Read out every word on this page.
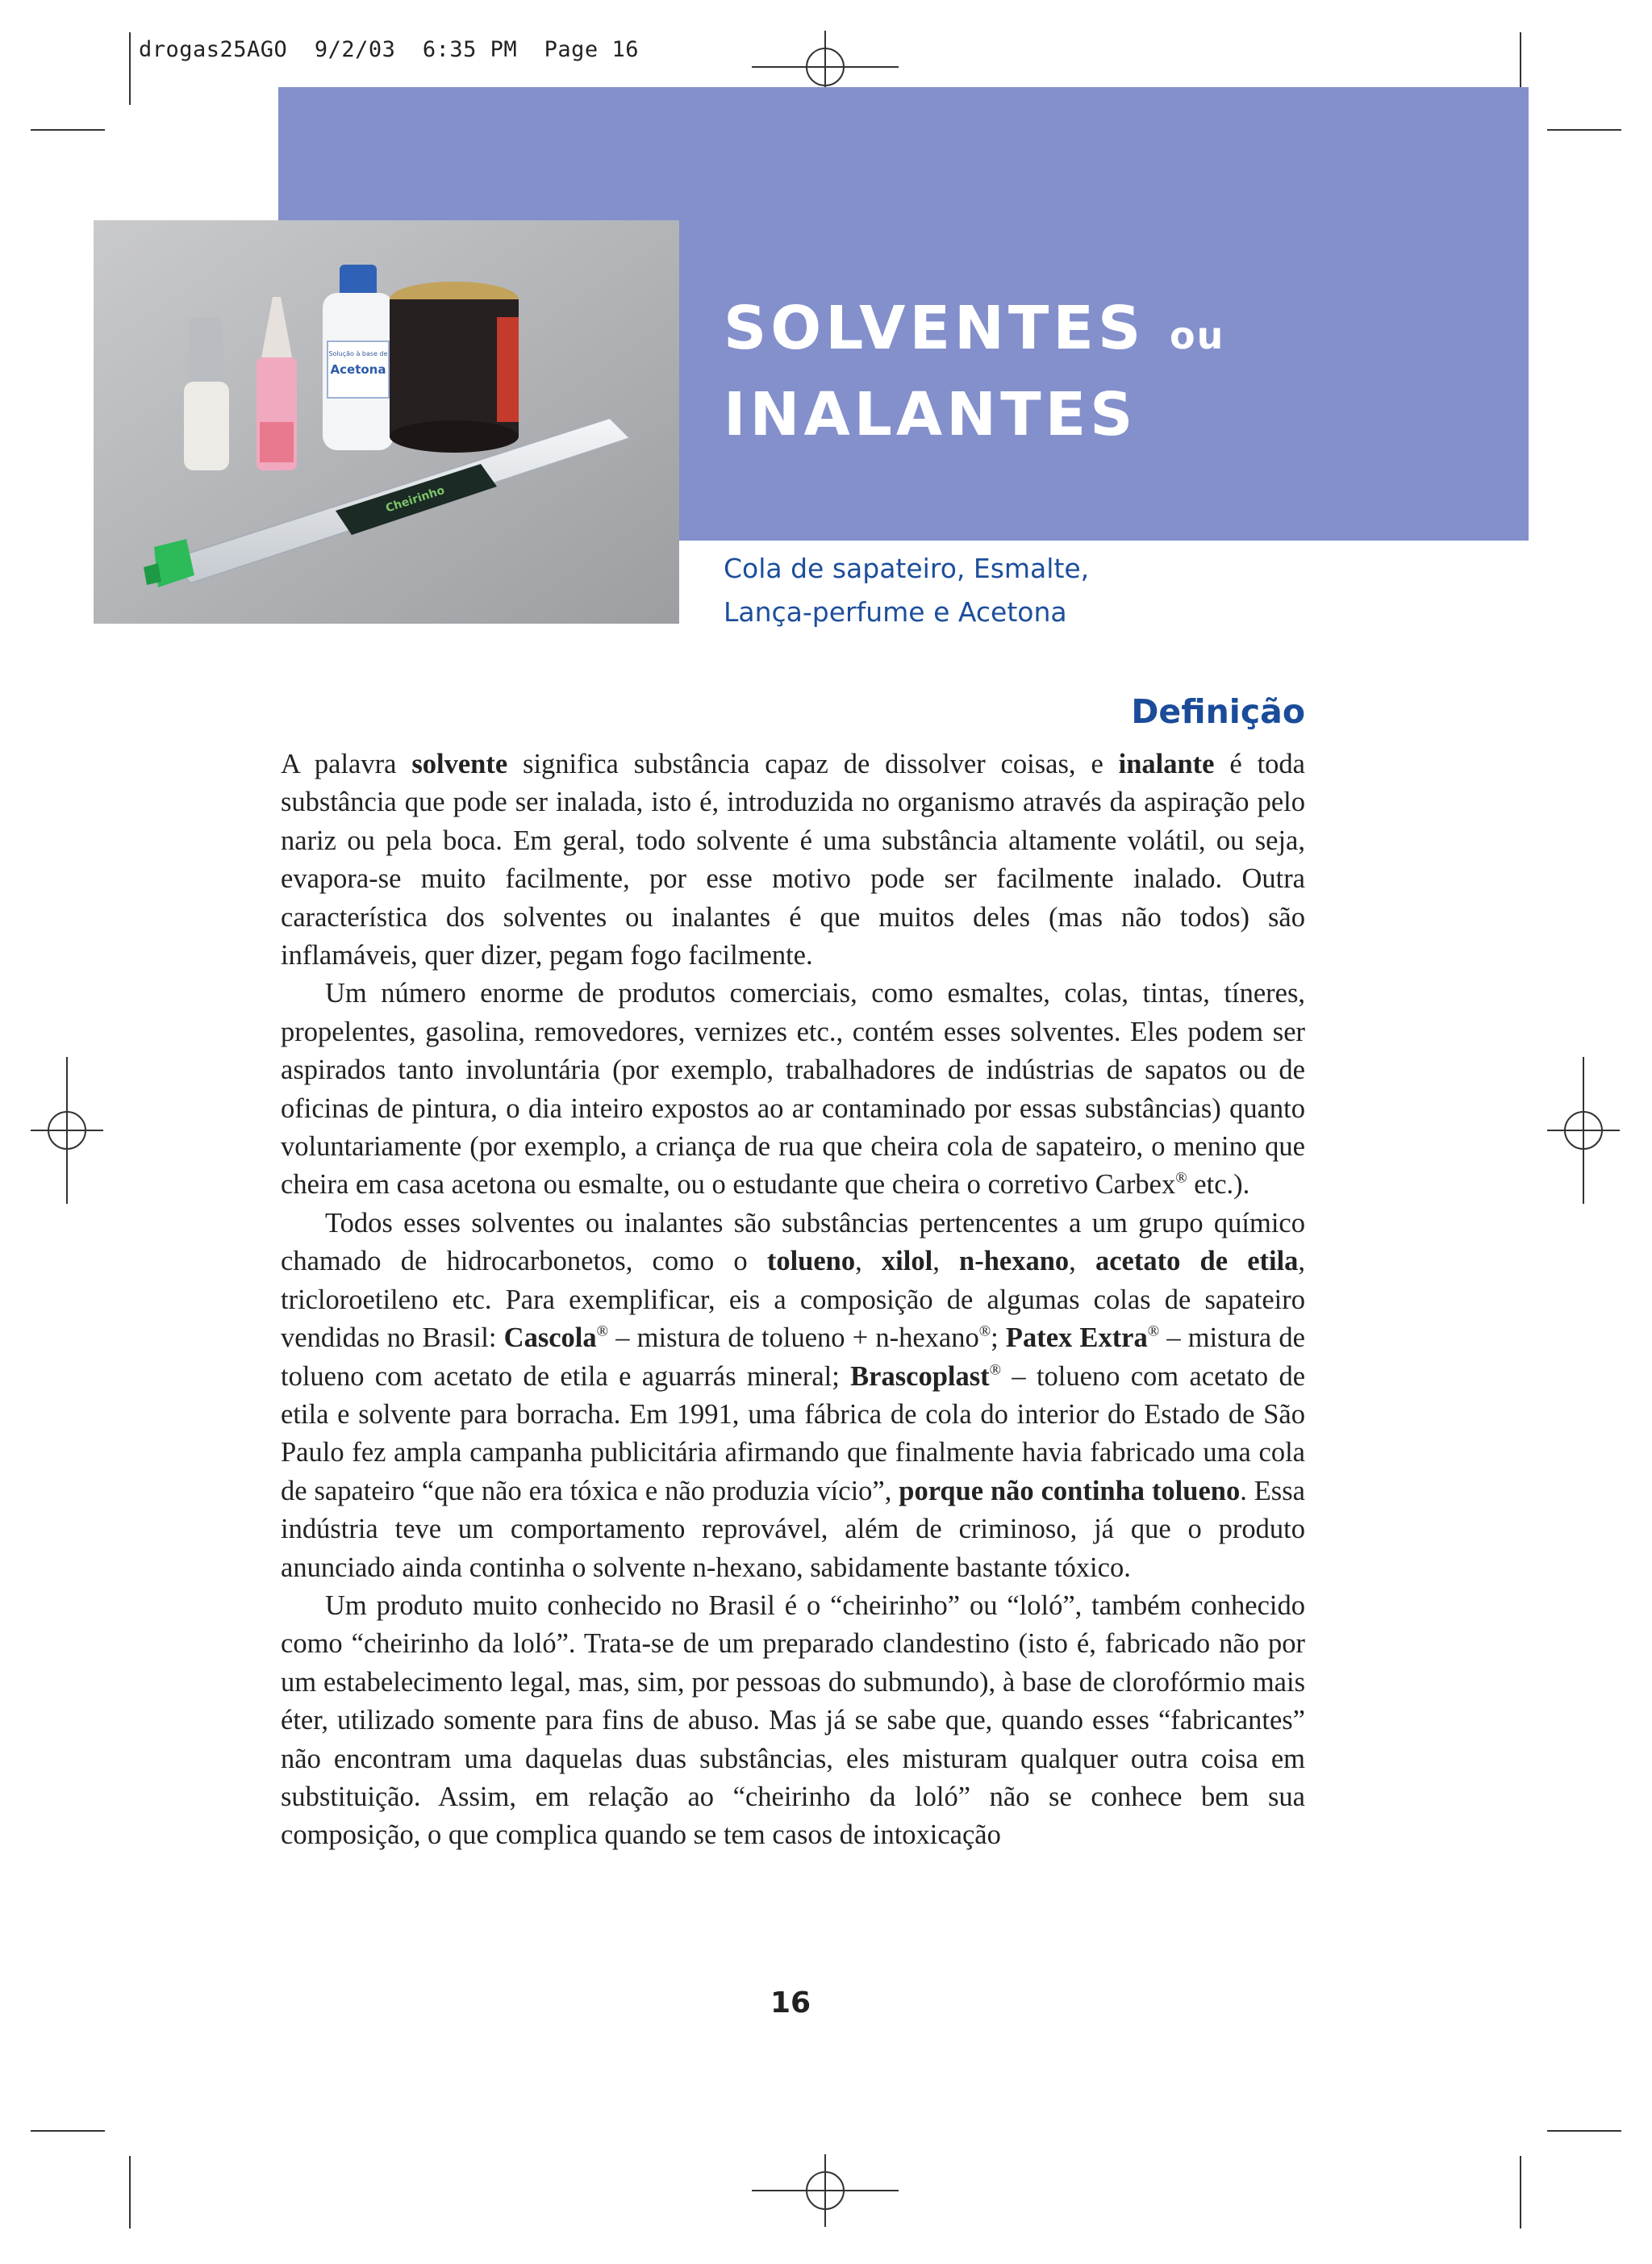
drogas25AGO  9/2/03  6:35 PM  Page 16
Solução à base de
Acetona
Cheirinho
SOLVENTES ou
INALANTES
Cola de sapateiro, Esmalte,
Lança-perfume e Acetona
Definição

A palavra solvente significa substância capaz de dissolver coisas, e inalante é toda substância que pode ser inalada, isto é, introduzida no organismo através da aspiração pelo nariz ou pela boca. Em geral, todo solvente é uma substância altamente volátil, ou seja, evapora-se muito facilmente, por esse motivo pode ser facilmente inalado. Outra característica dos solventes ou inalantes é que muitos deles (mas não todos) são inflamáveis, quer dizer, pegam fogo facilmente.

Um número enorme de produtos comerciais, como esmaltes, colas, tintas, tíneres, propelentes, gasolina, removedores, vernizes etc., contém esses solventes. Eles podem ser aspirados tanto involuntária (por exemplo, trabalhadores de indústrias de sapatos ou de oficinas de pintura, o dia inteiro expostos ao ar contaminado por essas substâncias) quanto voluntariamente (por exemplo, a criança de rua que cheira cola de sapateiro, o menino que cheira em casa acetona ou esmalte, ou o estudante que cheira o corretivo Carbex® etc.).

Todos esses solventes ou inalantes são substâncias pertencentes a um grupo químico chamado de hidrocarbonetos, como o tolueno, xilol, n-hexano, acetato de etila, tricloroetileno etc. Para exemplificar, eis a composição de algumas colas de sapateiro vendidas no Brasil: Cascola® – mistura de tolueno + n-hexano®; Patex Extra® – mistura de tolueno com acetato de etila e aguarrás mineral; Brascoplast® – tolueno com acetato de etila e solvente para borracha. Em 1991, uma fábrica de cola do interior do Estado de São Paulo fez ampla campanha publicitária afirmando que finalmente havia fabricado uma cola de sapateiro “que não era tóxica e não produzia vício”, porque não continha tolueno. Essa indústria teve um comportamento reprovável, além de criminoso, já que o produto anunciado ainda continha o solvente n-hexano, sabidamente bastante tóxico.

Um produto muito conhecido no Brasil é o “cheirinho” ou “loló”, também conhecido como “cheirinho da loló”. Trata-se de um preparado clandestino (isto é, fabricado não por um estabelecimento legal, mas, sim, por pessoas do submundo), à base de clorofórmio mais éter, utilizado somente para fins de abuso. Mas já se sabe que, quando esses “fabricantes” não encontram uma daquelas duas substâncias, eles misturam qualquer outra coisa em substituição. Assim, em relação ao “cheirinho da loló” não se conhece bem sua composição, o que complica quando se tem casos de intoxicação

16
